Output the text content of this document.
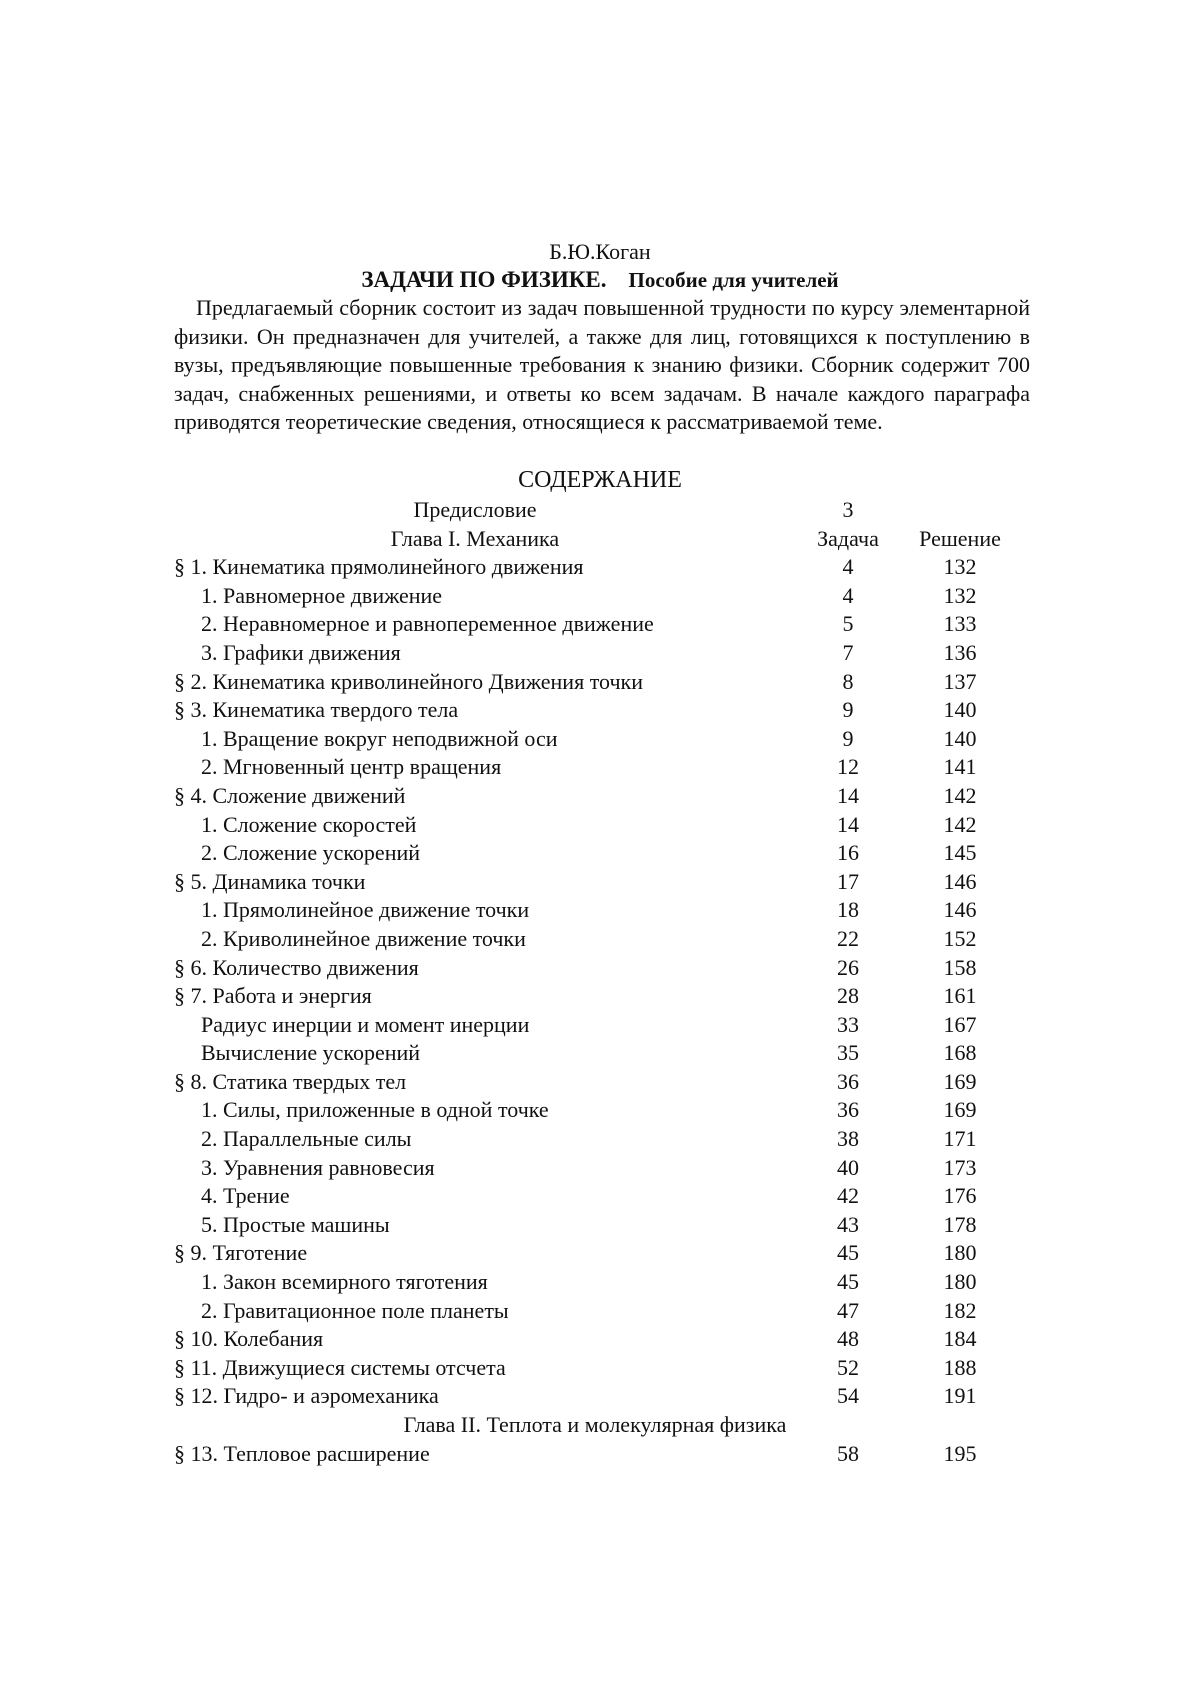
Б.Ю.Коган
ЗАДАЧИ ПО ФИЗИКЕ. Пособие для учителей

Предлагаемый сборник состоит из задач повышенной трудности по курсу элементарной физики. Он предназначен для учителей, а также для лиц, готовящихся к поступлению в вузы, предъявляющие повышенные требования к знанию физики. Сборник содержит 700 задач, снабженных решениями, и ответы ко всем задачам. В начале каждого параграфа приводятся теоретические сведения, относящиеся к рассматриваемой теме.

СОДЕРЖАНИЕ
Предисловие	3
Глава I. Механика	Задача	Решение
§ 1. Кинематика прямолинейного движения	4	132
1. Равномерное движение	4	132
2. Неравномерное и равнопеременное движение	5	133
3. Графики движения	7	136
§ 2. Кинематика криволинейного Движения точки	8	137
§ 3. Кинематика твердого тела	9	140
1. Вращение вокруг неподвижной оси	9	140
2. Мгновенный центр вращения	12	141
§ 4. Сложение движений	14	142
1. Сложение скоростей	14	142
2. Сложение ускорений	16	145
§ 5. Динамика точки	17	146
1. Прямолинейное движение точки	18	146
2. Криволинейное движение точки	22	152
§ 6. Количество движения	26	158
§ 7. Работа и энергия	28	161
Радиус инерции и момент инерции	33	167
Вычисление ускорений	35	168
§ 8. Статика твердых тел	36	169
1. Силы, приложенные в одной точке	36	169
2. Параллельные силы	38	171
3. Уравнения равновесия	40	173
4. Трение	42	176
5. Простые машины	43	178
§ 9. Тяготение	45	180
1. Закон всемирного тяготения	45	180
2. Гравитационное поле планеты	47	182
§ 10. Колебания	48	184
§ 11. Движущиеся системы отсчета	52	188
§ 12. Гидро- и аэромеханика	54	191
Глава II. Теплота и молекулярная физика
§ 13. Тепловое расширение	58	195
